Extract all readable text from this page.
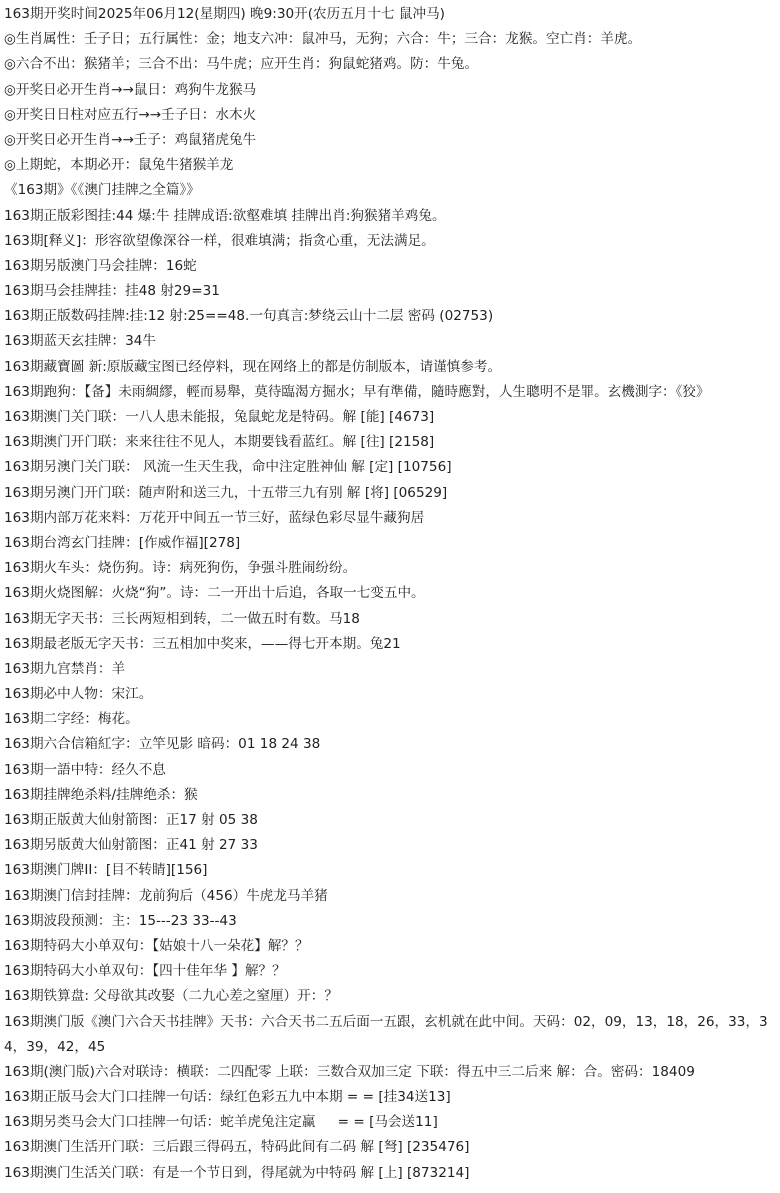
163期开奖时间2025年06月12(星期四) 晚9:30开(农历五月十七 鼠冲马)

◎生肖属性：壬子日；五行属性：金；地支六冲：鼠冲马，无狗；六合：牛；三合：龙猴。空亡肖：羊虎。

◎六合不出：猴猪羊；三合不出：马牛虎；应开生肖：狗鼠蛇猪鸡。防：牛兔。

◎开奖日必开生肖→→鼠日：鸡狗牛龙猴马

◎开奖日日柱对应五行→→壬子日：水木火

◎开奖日必开生肖→→壬子：鸡鼠猪虎兔牛

◎上期蛇，本期必开：鼠兔牛猪猴羊龙

《163期》《《澳门挂牌之全篇》》

163期正版彩图挂:44 爆:牛 挂牌成语:欲壑难填 挂牌出肖:狗猴猪羊鸡兔。

163期[释义]：形容欲望像深谷一样，很难填满；指贪心重，无法满足。

163期另版澳门马会挂牌：16蛇

163期马会挂牌挂：挂48 射29=31

163期正版数码挂牌:挂:12 射:25==48.一句真言:梦绕云山十二层 密码 (02753)

163期蓝天玄挂牌：34牛

163期藏寶圖 新:原版藏宝图已经停料，现在网络上的都是仿制版本，请谨慎参考。

163期跑狗：【备】未雨綢繆，輕而易舉，莫待臨渴方掘水；早有準備，隨時應對，人生聰明不是罪。玄機測字：《狡》

163期澳门关门联：一八人患未能报，兔鼠蛇龙是特码。解 [能] [4673]

163期澳门开门联：来来往往不见人，本期要钱看蓝红。解 [往] [2158]

163期另澳门关门联： 风流一生天生我，命中注定胜神仙 解 [定] [10756]

163期另澳门开门联：随声附和送三九，十五带三九有别 解 [将] [06529]

163期内部万花来料：万花开中间五一节三好，蓝绿色彩尽显牛藏狗居

163期台湾玄门挂牌：[作威作福][278]

163期火车头：烧伤狗。诗：病死狗伤，争强斗胜闹纷纷。

163期火烧图解：火烧“狗”。诗：二一开出十后追，各取一七变五中。

163期无字天书：三长两短相到转，二一做五时有数。马18

163期最老版无字天书：三五相加中奖来，——得七开本期。兔21

163期九宫禁肖：羊

163期必中人物：宋江。

163期二字经：梅花。

163期六合信箱紅字：立竿见影 暗码：01 18 24 38

163期一語中特：经久不息

163期挂牌绝杀料/挂牌绝杀：猴

163期正版黄大仙射箭图：正17 射 05 38

163期另版黄大仙射箭图：正41 射 27 33

163期澳门牌II：[目不转睛][156]

163期澳门信封挂牌：龙前狗后（456）牛虎龙马羊猪

163期波段预测：主：15---23 33--43

163期特码大小单双句：【姑娘十八一朵花】解？？

163期特码大小单双句：【四十佳年华 】解？？

163期铁算盘: 父母欲其改娶（二九心差之窒厘）开：？

163期澳门版《澳门六合天书挂牌》天书：六合天书二五后面一五跟，玄机就在此中间。天码：02，09，13，18，26，33，34，39，42，45

163期(澳门版)六合对联诗：横联：二四配零 上联：三数合双加三定 下联：得五中三二后来 解：合。密码：18409

163期正版马会大门口挂牌一句话：绿红色彩五九中本期 = = [挂34送13]

163期另类马会大门口挂牌一句话：蛇羊虎兔注定赢 　 = = [马会送11]

163期澳门生活开门联：三后跟三得码五，特码此间有二码 解 [弩] [235476]

163期澳门生活关门联：有是一个节日到，得尾就为中特码 解 [上] [873214]
